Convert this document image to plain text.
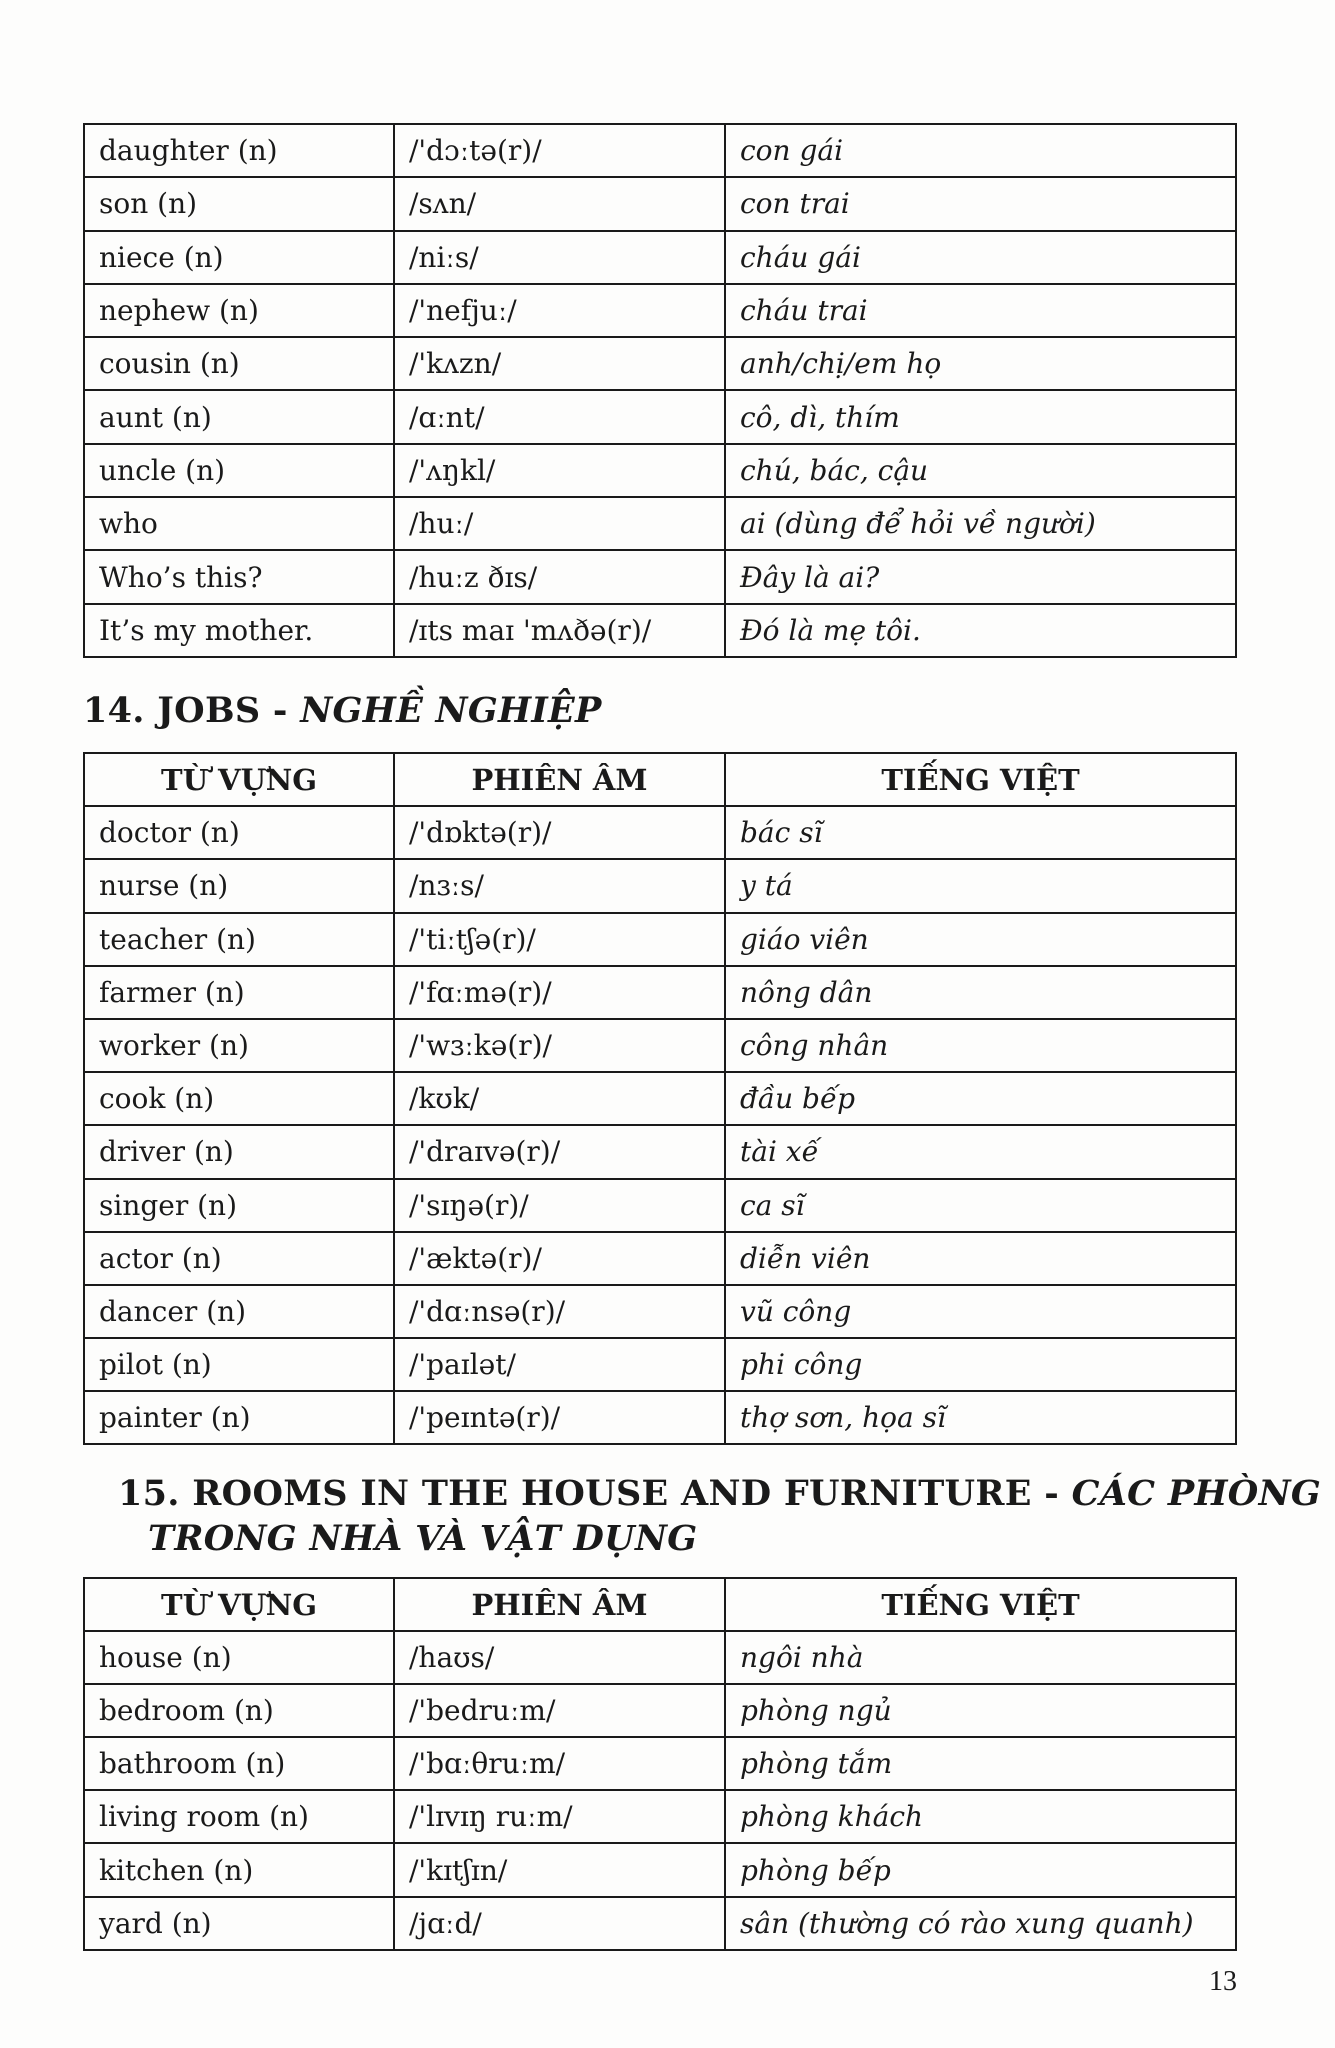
daughter (n)	/'dɔːtə(r)/	con gái
son (n)	/sʌn/	con trai
niece (n)	/niːs/	cháu gái
nephew (n)	/'nefjuː/	cháu trai
cousin (n)	/'kʌzn/	anh/chị/em họ
aunt (n)	/ɑːnt/	cô, dì, thím
uncle (n)	/'ʌŋkl/	chú, bác, cậu
who	/huː/	ai (dùng để hỏi về người)
Who’s this?	/huːz ðɪs/	Đây là ai?
It’s my mother.	/ɪts maɪ 'mʌðə(r)/	Đó là mẹ tôi.
14. JOBS - NGHỀ NGHIỆP
TỪ VỰNG	PHIÊN ÂM	TIẾNG VIỆT
doctor (n)	/'dɒktə(r)/	bác sĩ
nurse (n)	/nɜːs/	y tá
teacher (n)	/'tiːtʃə(r)/	giáo viên
farmer (n)	/'fɑːmə(r)/	nông dân
worker (n)	/'wɜːkə(r)/	công nhân
cook (n)	/kʊk/	đầu bếp
driver (n)	/'draɪvə(r)/	tài xế
singer (n)	/'sɪŋə(r)/	ca sĩ
actor (n)	/'æktə(r)/	diễn viên
dancer (n)	/'dɑːnsə(r)/	vũ công
pilot (n)	/'paɪlət/	phi công
painter (n)	/'peɪntə(r)/	thợ sơn, họa sĩ
15. ROOMS IN THE HOUSE AND FURNITURE - CÁC PHÒNG
TRONG NHÀ VÀ VẬT DỤNG
TỪ VỰNG	PHIÊN ÂM	TIẾNG VIỆT
house (n)	/haʊs/	ngôi nhà
bedroom (n)	/'bedruːm/	phòng ngủ
bathroom (n)	/'bɑːθruːm/	phòng tắm
living room (n)	/'lɪvɪŋ ruːm/	phòng khách
kitchen (n)	/'kɪtʃɪn/	phòng bếp
yard (n)	/jɑːd/	sân (thường có rào xung quanh)
13
